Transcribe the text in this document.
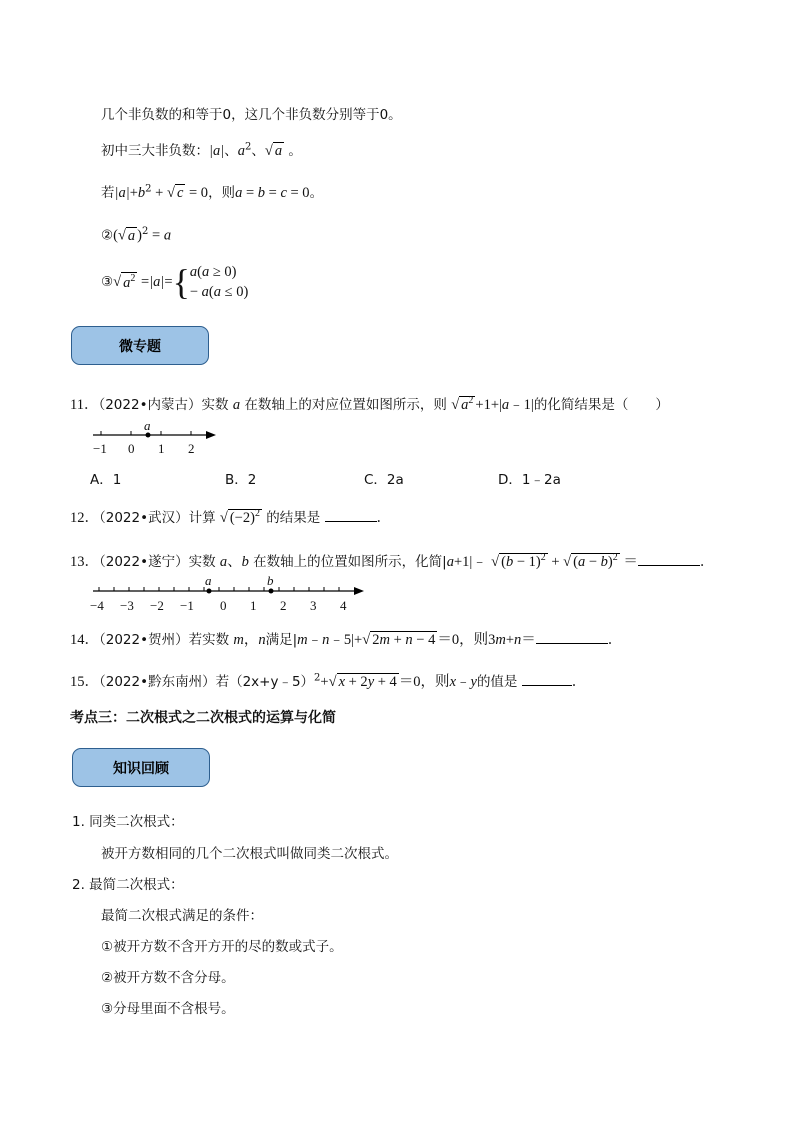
几个非负数的和等于0，这几个非负数分别等于0。
初中三大非负数：|a|、$a^2$、√ a 。
若$|a|+b^2$ + √ c = 0，则a = b = c = 0。
②(√ a )$^2$ = a
③ √ $a^2 = |a|$ = { a(a ≥ 0)
− a(a ≤ 0)
微专题
11．（2022•内蒙古）实数 a 在数轴上的对应位置如图所示，则 √ $a^2$ +1+|a﹣1|的化简结果是（　　）
a
−1 0 1 2
A．1	B．2	C．2a	D．1﹣2a
12．（2022•武汉）计算 √ $(-2)^2$ 的结果是	．
13．（2022•遂宁）实数 a、b 在数轴上的位置如图所示，化简|a+1|﹣ √ $(b - 1)^2$ + √ $(a - b)^2$ ＝	．
a	b
−4 −3 −2 −1 0 1 2 3 4
14．（2022•贺州）若实数 m，n满足|m﹣n﹣5|+√ 2m + n − 4 ＝0，则3m+n＝	．
15．（2022•黔东南州）若（2x+y﹣5）$^2$+√ x + 2y + 4 ＝0，则x﹣y的值是	．
考点三：二次根式之二次根式的运算与化简
知识回顾
1. 同类二次根式：
被开方数相同的几个二次根式叫做同类二次根式。
2. 最简二次根式：
最简二次根式满足的条件：
①被开方数不含开方开的尽的数或式子。
②被开方数不含分母。
③分母里面不含根号。
